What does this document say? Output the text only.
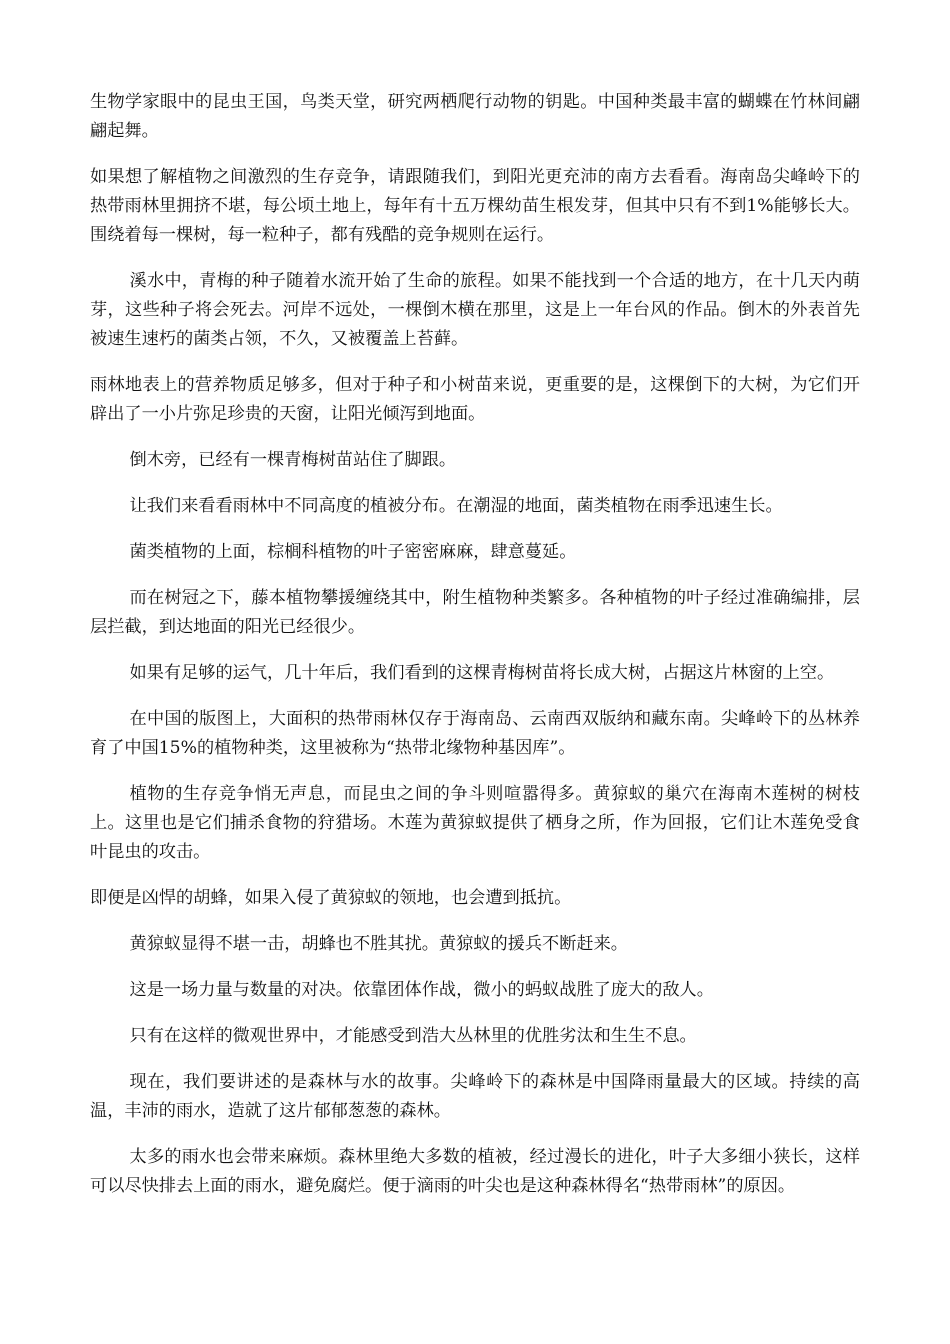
生物学家眼中的昆虫王国，鸟类天堂，研究两栖爬行动物的钥匙。中国种类最丰富的蝴蝶在竹林间翩翩起舞。

如果想了解植物之间激烈的生存竞争，请跟随我们，到阳光更充沛的南方去看看。海南岛尖峰岭下的热带雨林里拥挤不堪，每公顷土地上，每年有十五万棵幼苗生根发芽，但其中只有不到1%能够长大。围绕着每一棵树，每一粒种子，都有残酷的竞争规则在运行。

溪水中，青梅的种子随着水流开始了生命的旅程。如果不能找到一个合适的地方，在十几天内萌芽，这些种子将会死去。河岸不远处，一棵倒木横在那里，这是上一年台风的作品。倒木的外表首先被速生速朽的菌类占领，不久，又被覆盖上苔藓。

雨林地表上的营养物质足够多，但对于种子和小树苗来说，更重要的是，这棵倒下的大树，为它们开辟出了一小片弥足珍贵的天窗，让阳光倾泻到地面。

倒木旁，已经有一棵青梅树苗站住了脚跟。

让我们来看看雨林中不同高度的植被分布。在潮湿的地面，菌类植物在雨季迅速生长。

菌类植物的上面，棕榈科植物的叶子密密麻麻，肆意蔓延。

而在树冠之下，藤本植物攀援缠绕其中，附生植物种类繁多。各种植物的叶子经过准确编排，层层拦截，到达地面的阳光已经很少。

如果有足够的运气，几十年后，我们看到的这棵青梅树苗将长成大树，占据这片林窗的上空。

在中国的版图上，大面积的热带雨林仅存于海南岛、云南西双版纳和藏东南。尖峰岭下的丛林养育了中国15%的植物种类，这里被称为“热带北缘物种基因库”。

植物的生存竞争悄无声息，而昆虫之间的争斗则喧嚣得多。黄猄蚁的巢穴在海南木莲树的树枝上。这里也是它们捕杀食物的狩猎场。木莲为黄猄蚁提供了栖身之所，作为回报，它们让木莲免受食叶昆虫的攻击。

即便是凶悍的胡蜂，如果入侵了黄猄蚁的领地，也会遭到抵抗。

黄猄蚁显得不堪一击，胡蜂也不胜其扰。黄猄蚁的援兵不断赶来。

这是一场力量与数量的对决。依靠团体作战，微小的蚂蚁战胜了庞大的敌人。

只有在这样的微观世界中，才能感受到浩大丛林里的优胜劣汰和生生不息。

现在，我们要讲述的是森林与水的故事。尖峰岭下的森林是中国降雨量最大的区域。持续的高温，丰沛的雨水，造就了这片郁郁葱葱的森林。

太多的雨水也会带来麻烦。森林里绝大多数的植被，经过漫长的进化，叶子大多细小狭长，这样可以尽快排去上面的雨水，避免腐烂。便于滴雨的叶尖也是这种森林得名“热带雨林”的原因。
